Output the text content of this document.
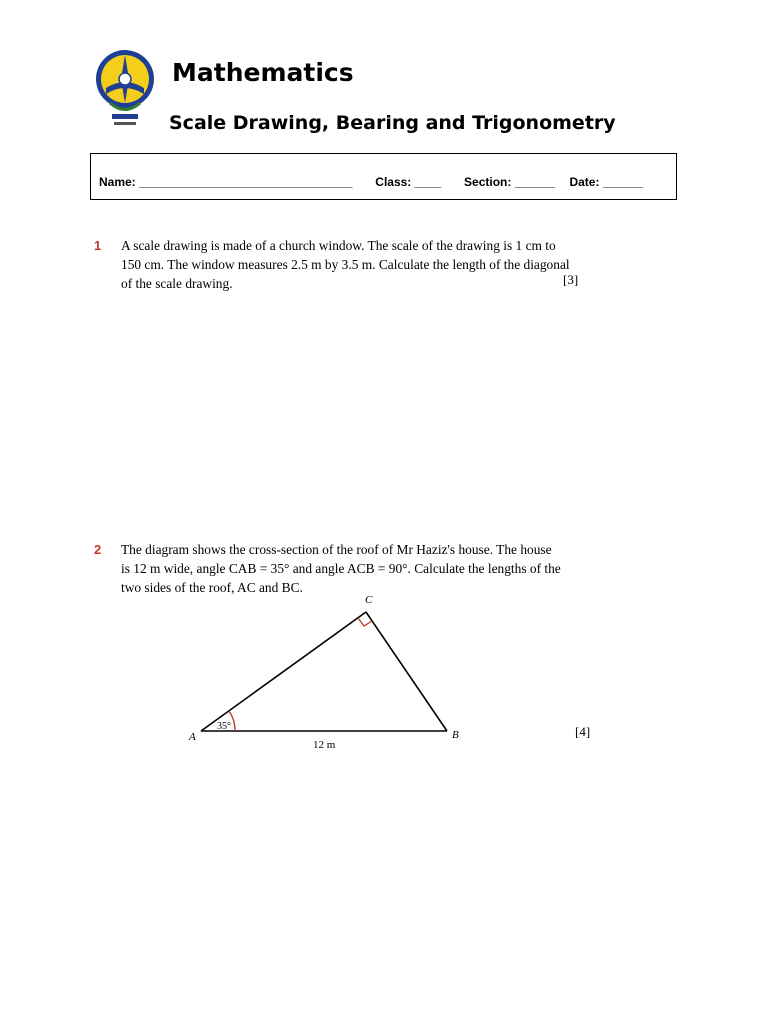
Mathematics
Scale Drawing, Bearing and Trigonometry
Name: ________________________________ Class: ____ Section: ______ Date: ______
1 A scale drawing is made of a church window. The scale of the drawing is 1 cm to

150 cm. The window measures 2.5 m by 3.5 m. Calculate the length of the diagonal

of the scale drawing.	[3]
2 The diagram shows the cross-section of the roof of Mr Haziz's house. The house

is 12 m wide, angle CAB = 35° and angle ACB = 90°. Calculate the lengths of the

two sides of the roof, AC and BC.

C
A	B
35°
12 m
[4]
